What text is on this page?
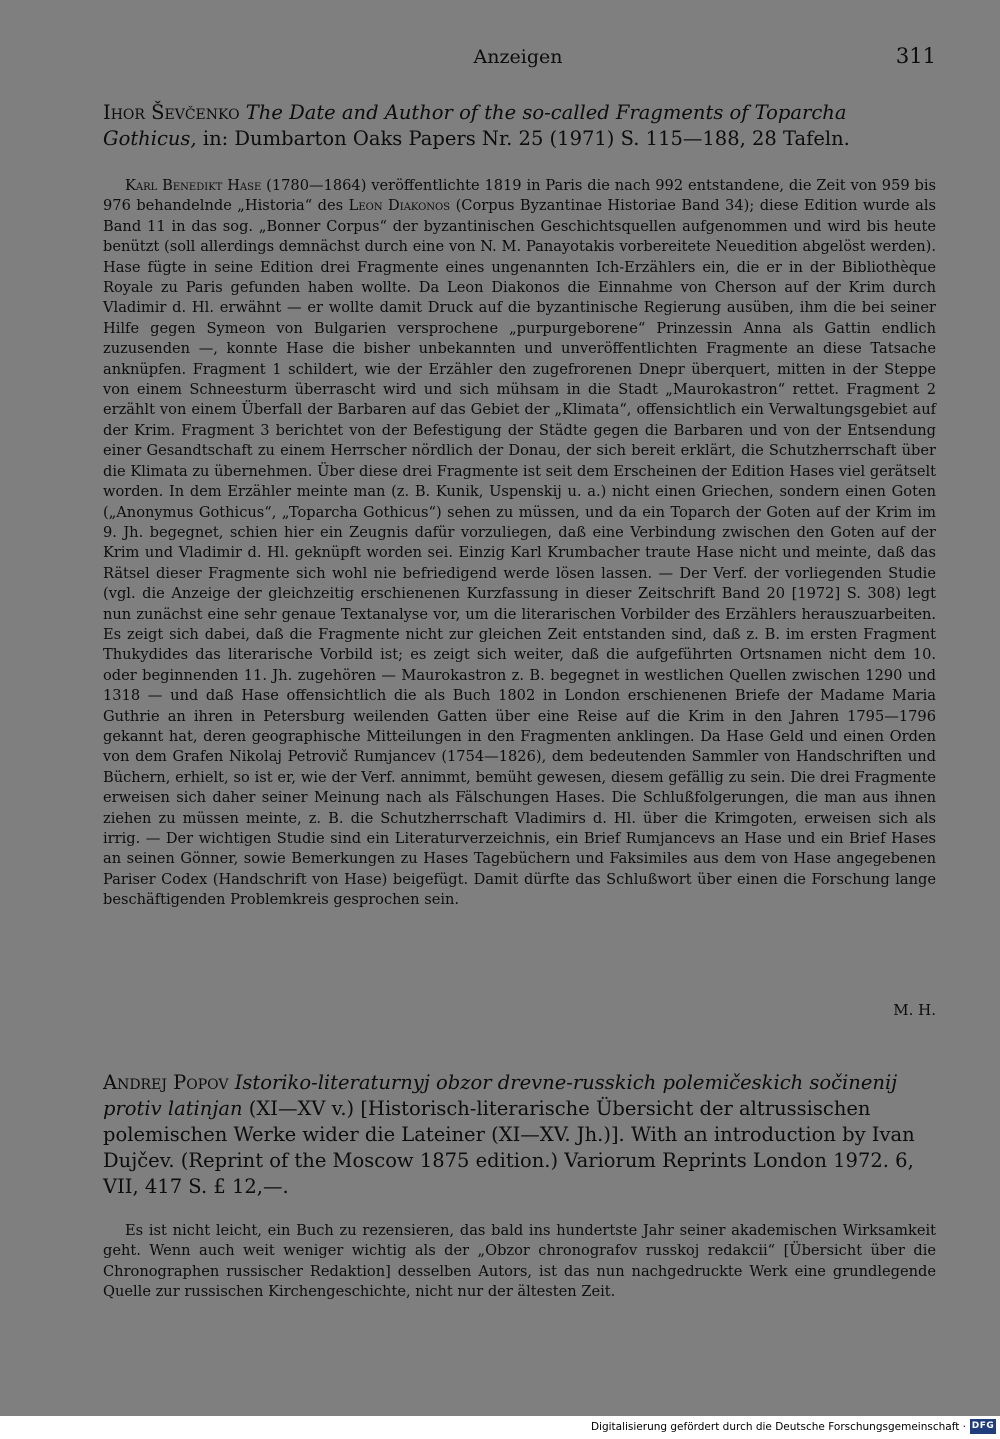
Anzeigen	311
Ihor Ševčenko The Date and Author of the so-called Fragments of Toparcha Gothicus, in: Dumbarton Oaks Papers Nr. 25 (1971) S. 115—188, 28 Tafeln.

Karl Benedikt Hase (1780—1864) veröffentlichte 1819 in Paris die nach 992 entstandene, die Zeit von 959 bis 976 behandelnde „Historia“ des Leon Diakonos (Corpus Byzantinae Historiae Band 34); diese Edition wurde als Band 11 in das sog. „Bonner Corpus“ der byzantinischen Geschichtsquellen aufgenommen und wird bis heute benützt (soll allerdings demnächst durch eine von N. M. Panayotakis vorbereitete Neuedition abgelöst werden). Hase fügte in seine Edition drei Fragmente eines ungenannten Ich-Erzählers ein, die er in der Bibliothèque Royale zu Paris gefunden haben wollte. Da Leon Diakonos die Einnahme von Cherson auf der Krim durch Vladimir d. Hl. erwähnt — er wollte damit Druck auf die byzantinische Regierung ausüben, ihm die bei seiner Hilfe gegen Symeon von Bulgarien versprochene „purpurgeborene“ Prinzessin Anna als Gattin endlich zuzusenden —, konnte Hase die bisher unbekannten und unveröffentlichten Fragmente an diese Tatsache anknüpfen. Fragment 1 schildert, wie der Erzähler den zugefrorenen Dnepr überquert, mitten in der Steppe von einem Schneesturm überrascht wird und sich mühsam in die Stadt „Maurokastron“ rettet. Fragment 2 erzählt von einem Überfall der Barbaren auf das Gebiet der „Klimata“, offensichtlich ein Verwaltungsgebiet auf der Krim. Fragment 3 berichtet von der Befestigung der Städte gegen die Barbaren und von der Entsendung einer Gesandtschaft zu einem Herrscher nördlich der Donau, der sich bereit erklärt, die Schutzherrschaft über die Klimata zu übernehmen. Über diese drei Fragmente ist seit dem Erscheinen der Edition Hases viel gerätselt worden. In dem Erzähler meinte man (z. B. Kunik, Uspenskij u. a.) nicht einen Griechen, sondern einen Goten („Anonymus Gothicus“, „Toparcha Gothicus“) sehen zu müssen, und da ein Toparch der Goten auf der Krim im 9. Jh. begegnet, schien hier ein Zeugnis dafür vorzuliegen, daß eine Verbindung zwischen den Goten auf der Krim und Vladimir d. Hl. geknüpft worden sei. Einzig Karl Krumbacher traute Hase nicht und meinte, daß das Rätsel dieser Fragmente sich wohl nie befriedigend werde lösen lassen. — Der Verf. der vorliegenden Studie (vgl. die Anzeige der gleichzeitig erschienenen Kurzfassung in dieser Zeitschrift Band 20 [1972] S. 308) legt nun zunächst eine sehr genaue Textanalyse vor, um die literarischen Vorbilder des Erzählers herauszuarbeiten. Es zeigt sich dabei, daß die Fragmente nicht zur gleichen Zeit entstanden sind, daß z. B. im ersten Fragment Thukydides das literarische Vorbild ist; es zeigt sich weiter, daß die aufgeführten Ortsnamen nicht dem 10. oder beginnenden 11. Jh. zugehören — Maurokastron z. B. begegnet in westlichen Quellen zwischen 1290 und 1318 — und daß Hase offensichtlich die als Buch 1802 in London erschienenen Briefe der Madame Maria Guthrie an ihren in Petersburg weilenden Gatten über eine Reise auf die Krim in den Jahren 1795—1796 gekannt hat, deren geographische Mitteilungen in den Fragmenten anklingen. Da Hase Geld und einen Orden von dem Grafen Nikolaj Petrovič Rumjancev (1754—1826), dem bedeutenden Sammler von Handschriften und Büchern, erhielt, so ist er, wie der Verf. annimmt, bemüht gewesen, diesem gefällig zu sein. Die drei Fragmente erweisen sich daher seiner Meinung nach als Fälschungen Hases. Die Schlußfolgerungen, die man aus ihnen ziehen zu müssen meinte, z. B. die Schutzherrschaft Vladimirs d. Hl. über die Krimgoten, erweisen sich als irrig. — Der wichtigen Studie sind ein Literaturverzeichnis, ein Brief Rumjancevs an Hase und ein Brief Hases an seinen Gönner, sowie Bemerkungen zu Hases Tagebüchern und Faksimiles aus dem von Hase angegebenen Pariser Codex (Handschrift von Hase) beigefügt. Damit dürfte das Schlußwort über einen die Forschung lange beschäftigenden Problemkreis gesprochen sein.

M. H.
Andrej Popov Istoriko-literaturnyj obzor drevne-russkich polemičeskich sočinenij protiv latinjan (XI—XV v.) [Historisch-literarische Übersicht der altrussischen polemischen Werke wider die Lateiner (XI—XV. Jh.)]. With an introduction by Ivan Dujčev. (Reprint of the Moscow 1875 edition.) Variorum Reprints London 1972. 6, VII, 417 S. £ 12,—.

Es ist nicht leicht, ein Buch zu rezensieren, das bald ins hundertste Jahr seiner akademischen Wirksamkeit geht. Wenn auch weit weniger wichtig als der „Obzor chronografov russkoj redakcii“ [Übersicht über die Chronographen russischer Redaktion] desselben Autors, ist das nun nachgedruckte Werk eine grundlegende Quelle zur russischen Kirchengeschichte, nicht nur der ältesten Zeit.

Digitalisierung gefördert durch die Deutsche Forschungsgemeinschaft · DFG
